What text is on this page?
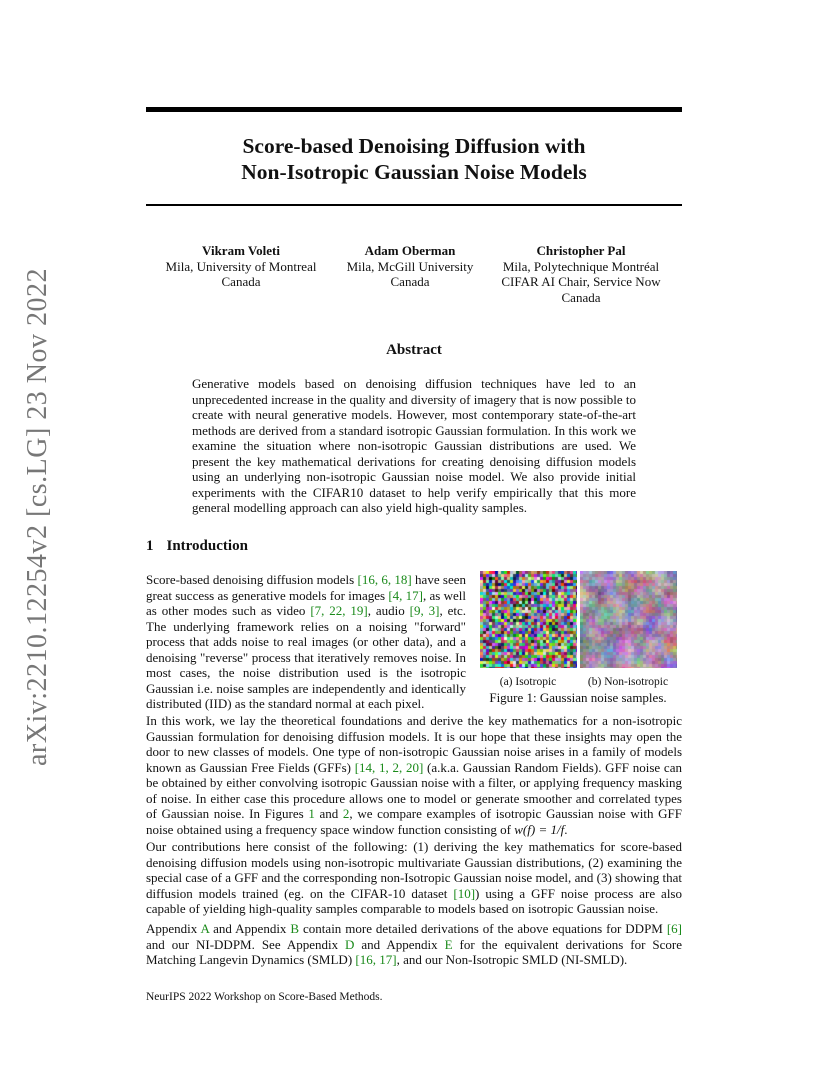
arXiv:2210.12254v2 [cs.LG] 23 Nov 2022
Score-based Denoising Diffusion with
Non-Isotropic Gaussian Noise Models
Vikram Voleti
Mila, University of Montreal
Canada
Adam Oberman
Mila, McGill University
Canada
Christopher Pal
Mila, Polytechnique Montréal
CIFAR AI Chair, Service Now
Canada
Abstract
Generative models based on denoising diffusion techniques have led to an unprecedented increase in the quality and diversity of imagery that is now possible to create with neural generative models. However, most contemporary state-of-the-art methods are derived from a standard isotropic Gaussian formulation. In this work we examine the situation where non-isotropic Gaussian distributions are used. We present the key mathematical derivations for creating denoising diffusion models using an underlying non-isotropic Gaussian noise model. We also provide initial experiments with the CIFAR10 dataset to help verify empirically that this more general modelling approach can also yield high-quality samples.
1 Introduction
Score-based denoising diffusion models [16, 6, 18] have seen great success as generative models for images [4, 17], as well as other modes such as video [7, 22, 19], audio [9, 3], etc. The underlying framework relies on a noising "forward" process that adds noise to real images (or other data), and a denoising "reverse" process that iteratively removes noise. In most cases, the noise distribution used is the isotropic Gaussian i.e. noise samples are independently and identically distributed (IID) as the standard normal at each pixel.
(a) Isotropic	(b) Non-isotropic
Figure 1: Gaussian noise samples.
In this work, we lay the theoretical foundations and derive the key mathematics for a non-isotropic Gaussian formulation for denoising diffusion models. It is our hope that these insights may open the door to new classes of models. One type of non-isotropic Gaussian noise arises in a family of models known as Gaussian Free Fields (GFFs) [14, 1, 2, 20] (a.k.a. Gaussian Random Fields). GFF noise can be obtained by either convolving isotropic Gaussian noise with a filter, or applying frequency masking of noise. In either case this procedure allows one to model or generate smoother and correlated types of Gaussian noise. In Figures 1 and 2, we compare examples of isotropic Gaussian noise with GFF noise obtained using a frequency space window function consisting of w(f) = 1/f.
Our contributions here consist of the following: (1) deriving the key mathematics for score-based denoising diffusion models using non-isotropic multivariate Gaussian distributions, (2) examining the special case of a GFF and the corresponding non-Isotropic Gaussian noise model, and (3) showing that diffusion models trained (eg. on the CIFAR-10 dataset [10]) using a GFF noise process are also capable of yielding high-quality samples comparable to models based on isotropic Gaussian noise.
Appendix A and Appendix B contain more detailed derivations of the above equations for DDPM [6] and our NI-DDPM. See Appendix D and Appendix E for the equivalent derivations for Score Matching Langevin Dynamics (SMLD) [16, 17], and our Non-Isotropic SMLD (NI-SMLD).
NeurIPS 2022 Workshop on Score-Based Methods.
